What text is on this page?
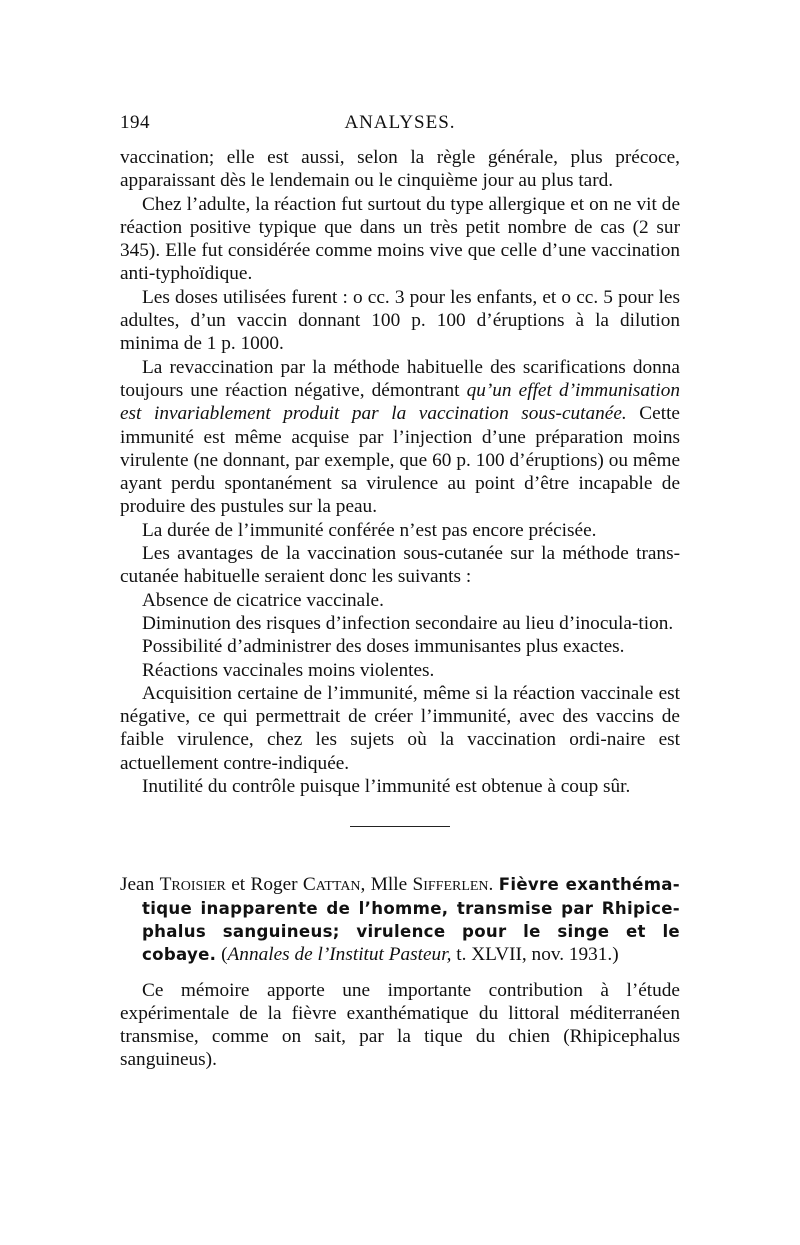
194	ANALYSES.

vaccination; elle est aussi, selon la règle générale, plus précoce, apparaissant dès le lendemain ou le cinquième jour au plus tard.

Chez l’adulte, la réaction fut surtout du type allergique et on ne vit de réaction positive typique que dans un très petit nombre de cas (2 sur 345). Elle fut considérée comme moins vive que celle d’une vaccination anti-typhoïdique.

Les doses utilisées furent : o cc. 3 pour les enfants, et o cc. 5 pour les adultes, d’un vaccin donnant 100 p. 100 d’éruptions à la dilution minima de 1 p. 1000.

La revaccination par la méthode habituelle des scarifications donna toujours une réaction négative, démontrant qu’un effet d’immunisation est invariablement produit par la vaccination sous-cutanée. Cette immunité est même acquise par l’injection d’une préparation moins virulente (ne donnant, par exemple, que 60 p. 100 d’éruptions) ou même ayant perdu spontanément sa virulence au point d’être incapable de produire des pustules sur la peau.

La durée de l’immunité conférée n’est pas encore précisée.

Les avantages de la vaccination sous-cutanée sur la méthode trans-cutanée habituelle seraient donc les suivants :

Absence de cicatrice vaccinale.

Diminution des risques d’infection secondaire au lieu d’inocula-tion.

Possibilité d’administrer des doses immunisantes plus exactes.

Réactions vaccinales moins violentes.

Acquisition certaine de l’immunité, même si la réaction vaccinale est négative, ce qui permettrait de créer l’immunité, avec des vaccins de faible virulence, chez les sujets où la vaccination ordi-naire est actuellement contre-indiquée.

Inutilité du contrôle puisque l’immunité est obtenue à coup sûr.

Jean Troisier et Roger Cattan, Mlle Sifferlen. Fièvre exanthéma-tique inapparente de l’homme, transmise par Rhipice-phalus sanguineus; virulence pour le singe et le cobaye. (Annales de l’Institut Pasteur, t. XLVII, nov. 1931.)

Ce mémoire apporte une importante contribution à l’étude expérimentale de la fièvre exanthématique du littoral méditerranéen transmise, comme on sait, par la tique du chien (Rhipicephalus sanguineus).
